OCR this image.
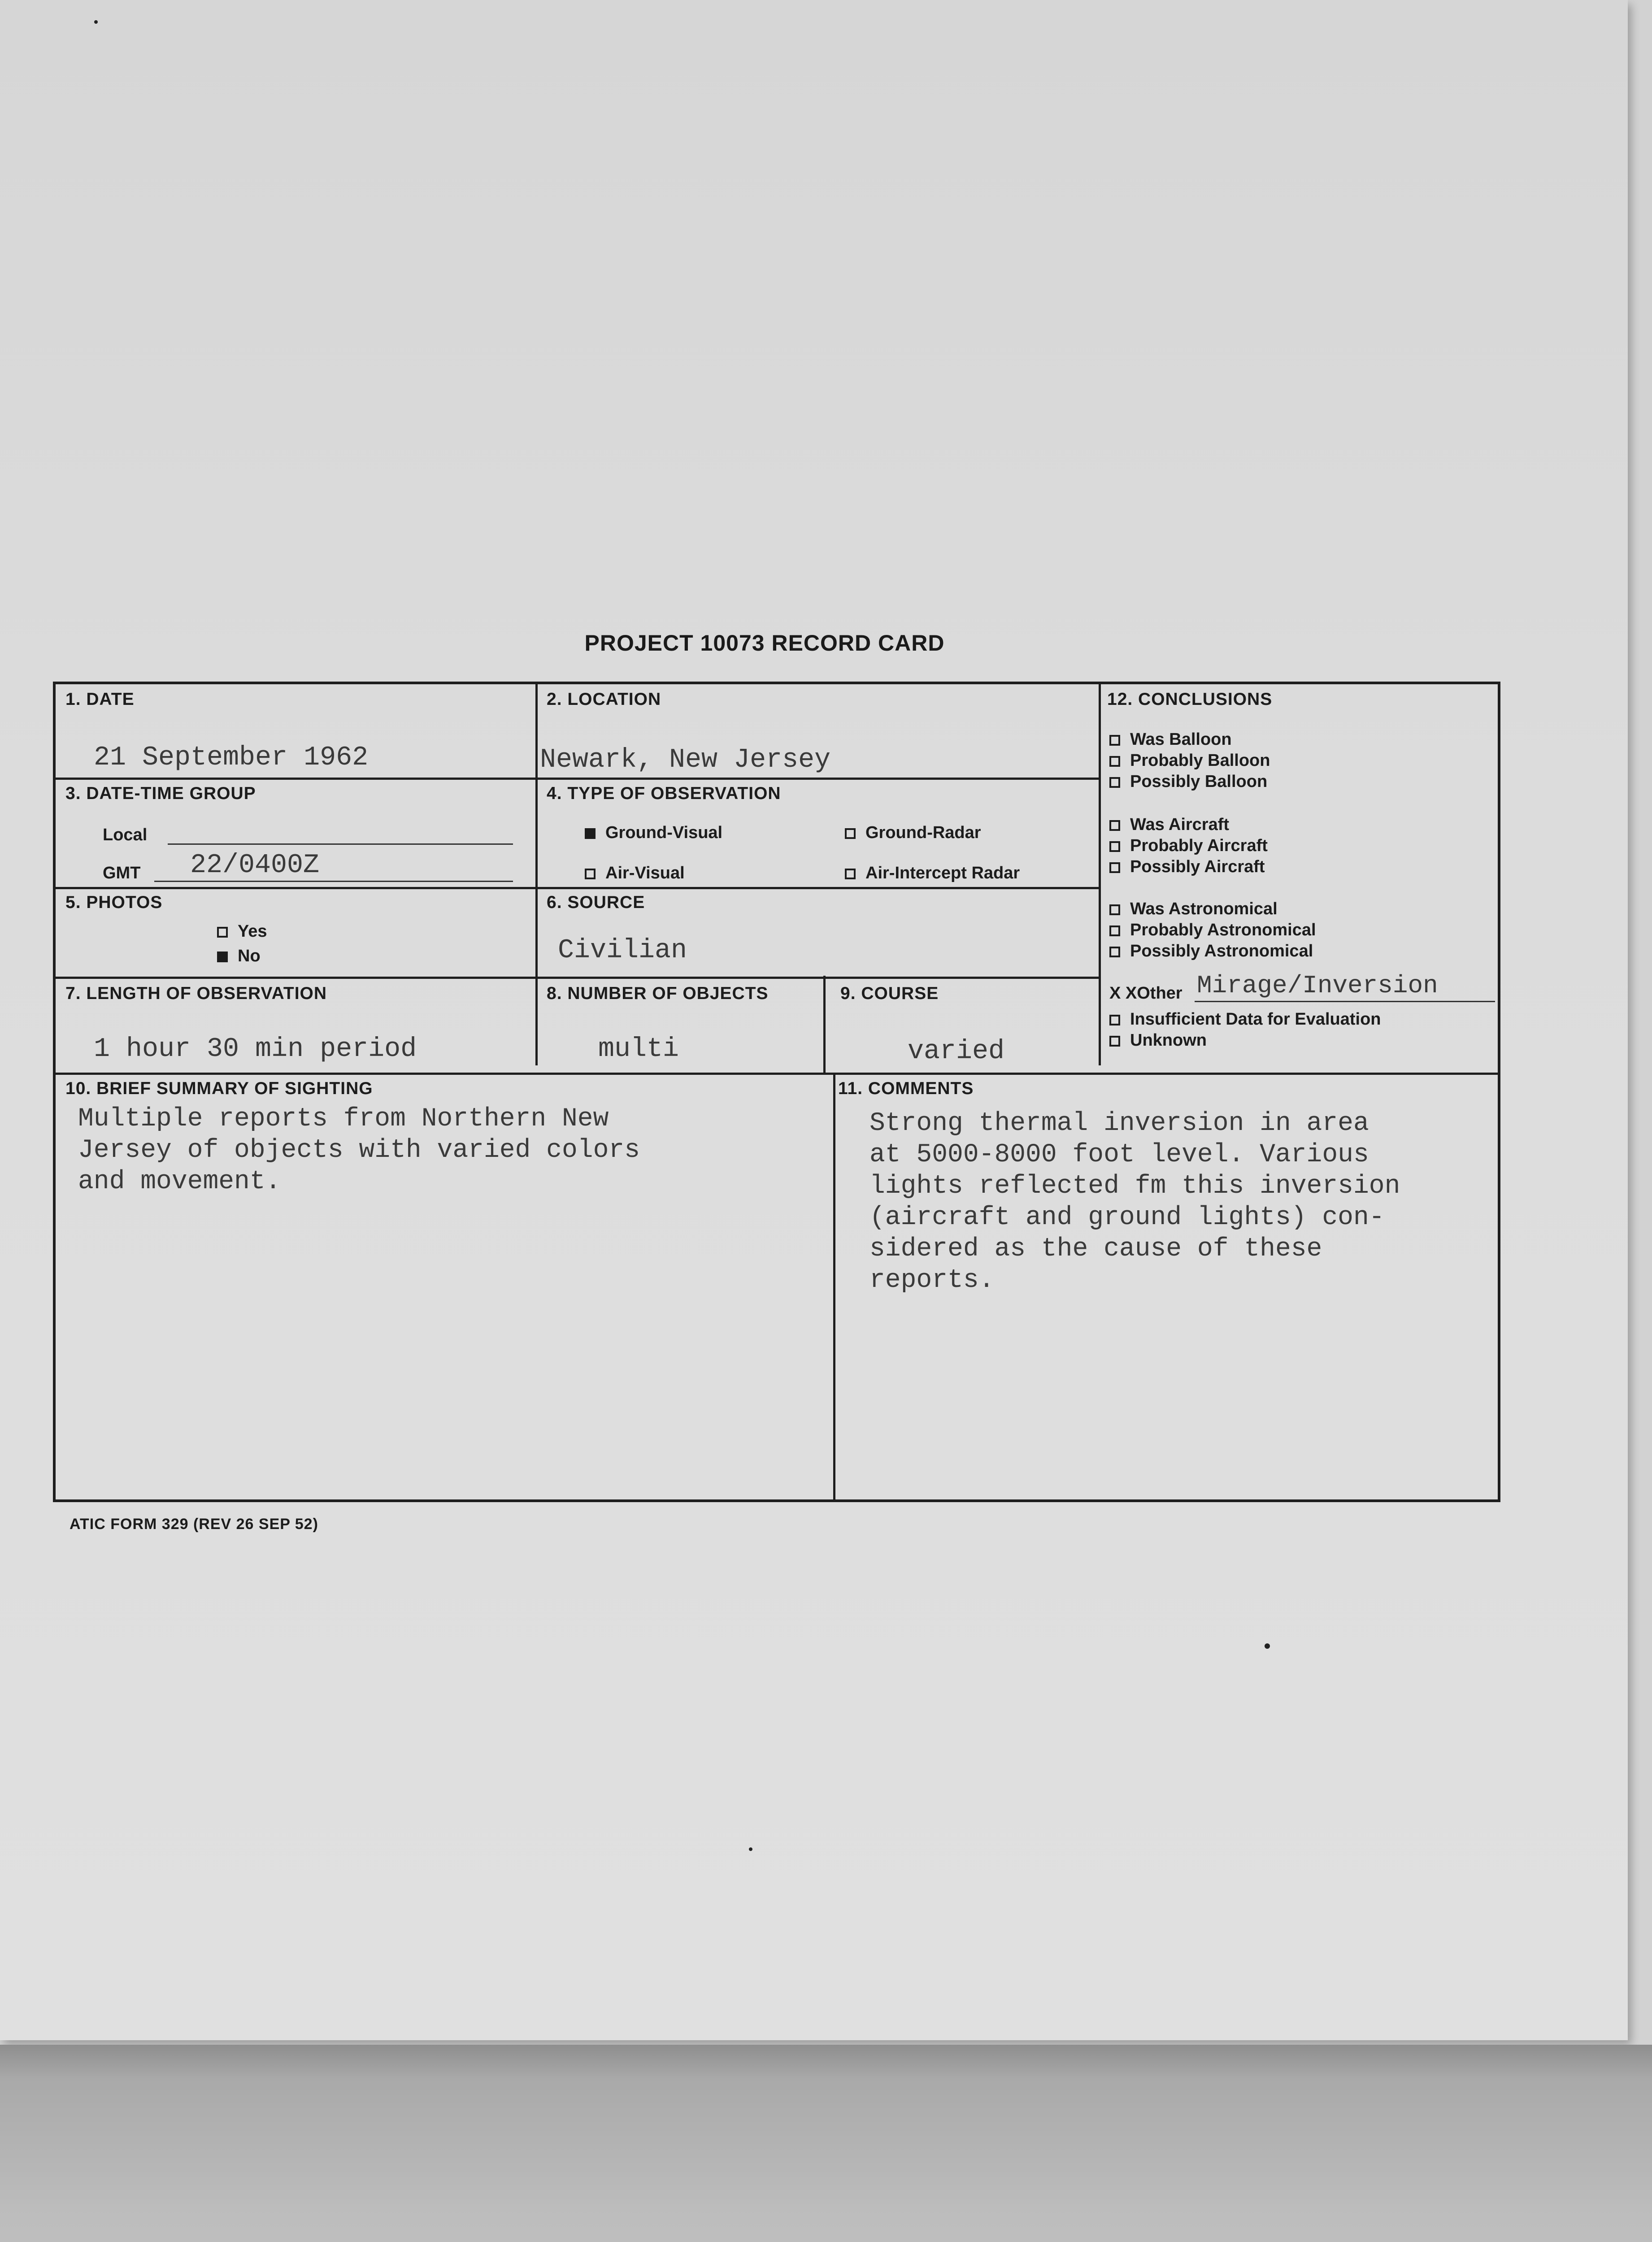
PROJECT 10073 RECORD CARD
1. DATE
21 September 1962
2. LOCATION
Newark, New Jersey
3. DATE-TIME GROUP
Local
GMT 22/0400Z
4. TYPE OF OBSERVATION
Ground-Visual	Ground-Radar
Air-Visual	Air-Intercept Radar
5. PHOTOS
Yes
No
6. SOURCE
Civilian
7. LENGTH OF OBSERVATION
1 hour 30 min period
8. NUMBER OF OBJECTS
multi
9. COURSE
varied
10. BRIEF SUMMARY OF SIGHTING
Multiple reports from Northern New
Jersey of objects with varied colors
and movement.
11. COMMENTS
Strong thermal inversion in area
at 5000-8000 foot level. Various
lights reflected fm this inversion
(aircraft and ground lights) con-
sidered as the cause of these
reports.
12. CONCLUSIONS
Was Balloon
Probably Balloon
Possibly Balloon
Was Aircraft
Probably Aircraft
Possibly Aircraft
Was Astronomical
Probably Astronomical
Possibly Astronomical
X XOther Mirage/Inversion
Insufficient Data for Evaluation
Unknown
ATIC FORM 329 (REV 26 SEP 52)
